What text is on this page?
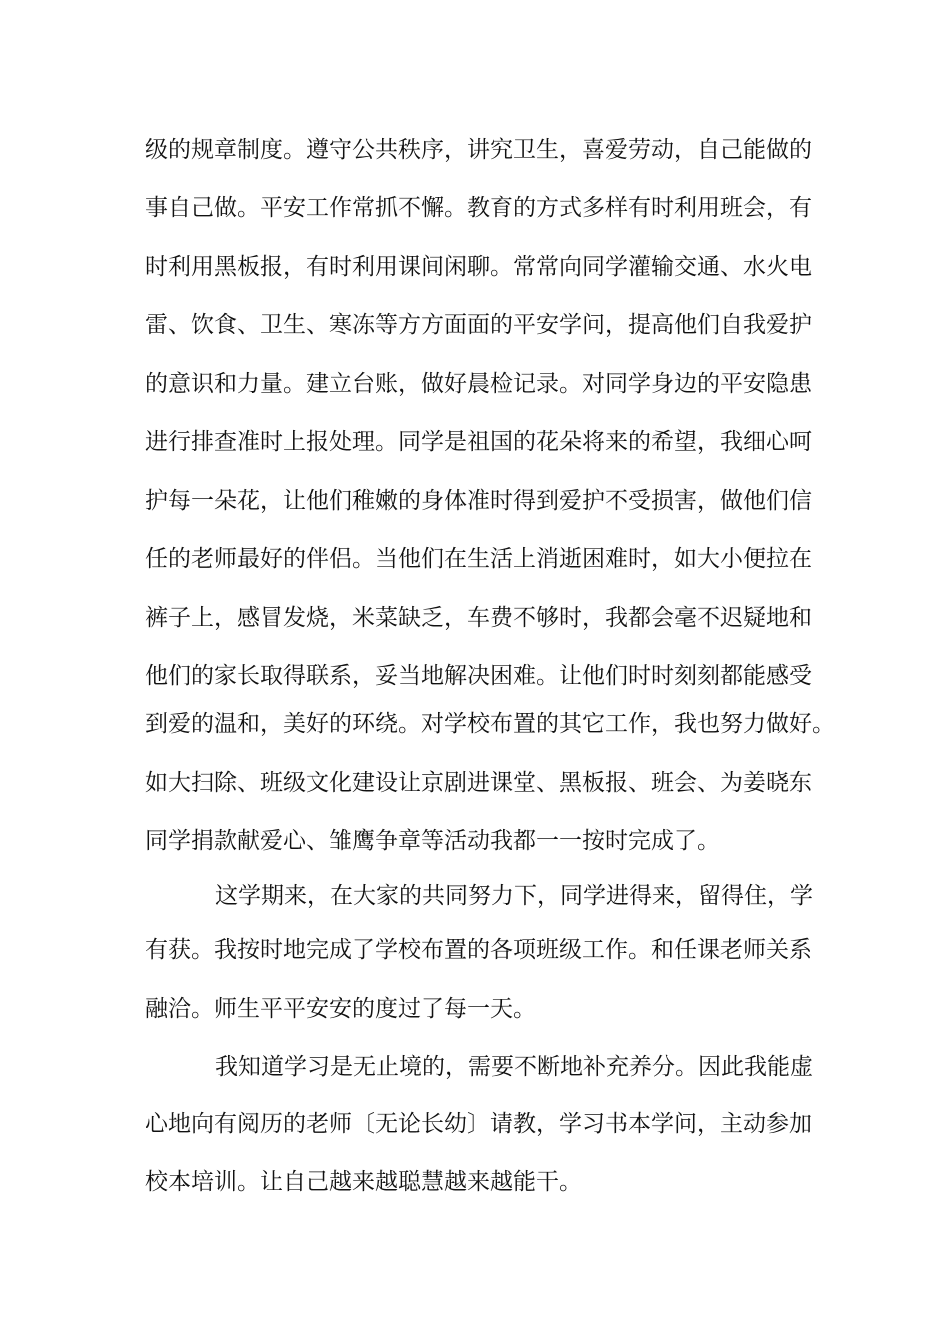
级的规章制度。遵守公共秩序，讲究卫生，喜爱劳动，自己能做的
事自己做。平安工作常抓不懈。教育的方式多样有时利用班会，有
时利用黑板报，有时利用课间闲聊。常常向同学灌输交通、水火电
雷、饮食、卫生、寒冻等方方面面的平安学问，提高他们自我爱护
的意识和力量。建立台账，做好晨检记录。对同学身边的平安隐患
进行排查准时上报处理。同学是祖国的花朵将来的希望，我细心呵
护每一朵花，让他们稚嫩的身体准时得到爱护不受损害，做他们信
任的老师最好的伴侣。当他们在生活上消逝困难时，如大小便拉在
裤子上，感冒发烧，米菜缺乏，车费不够时，我都会毫不迟疑地和
他们的家长取得联系，妥当地解决困难。让他们时时刻刻都能感受
到爱的温和，美好的环绕。对学校布置的其它工作，我也努力做好。
如大扫除、班级文化建设让京剧进课堂、黑板报、班会、为姜晓东
同学捐款献爱心、雏鹰争章等活动我都一一按时完成了。
这学期来，在大家的共同努力下，同学进得来，留得住，学
有获。我按时地完成了学校布置的各项班级工作。和任课老师关系
融洽。师生平平安安的度过了每一天。
我知道学习是无止境的，需要不断地补充养分。因此我能虚
心地向有阅历的老师〔无论长幼〕请教，学习书本学问，主动参加
校本培训。让自己越来越聪慧越来越能干。
